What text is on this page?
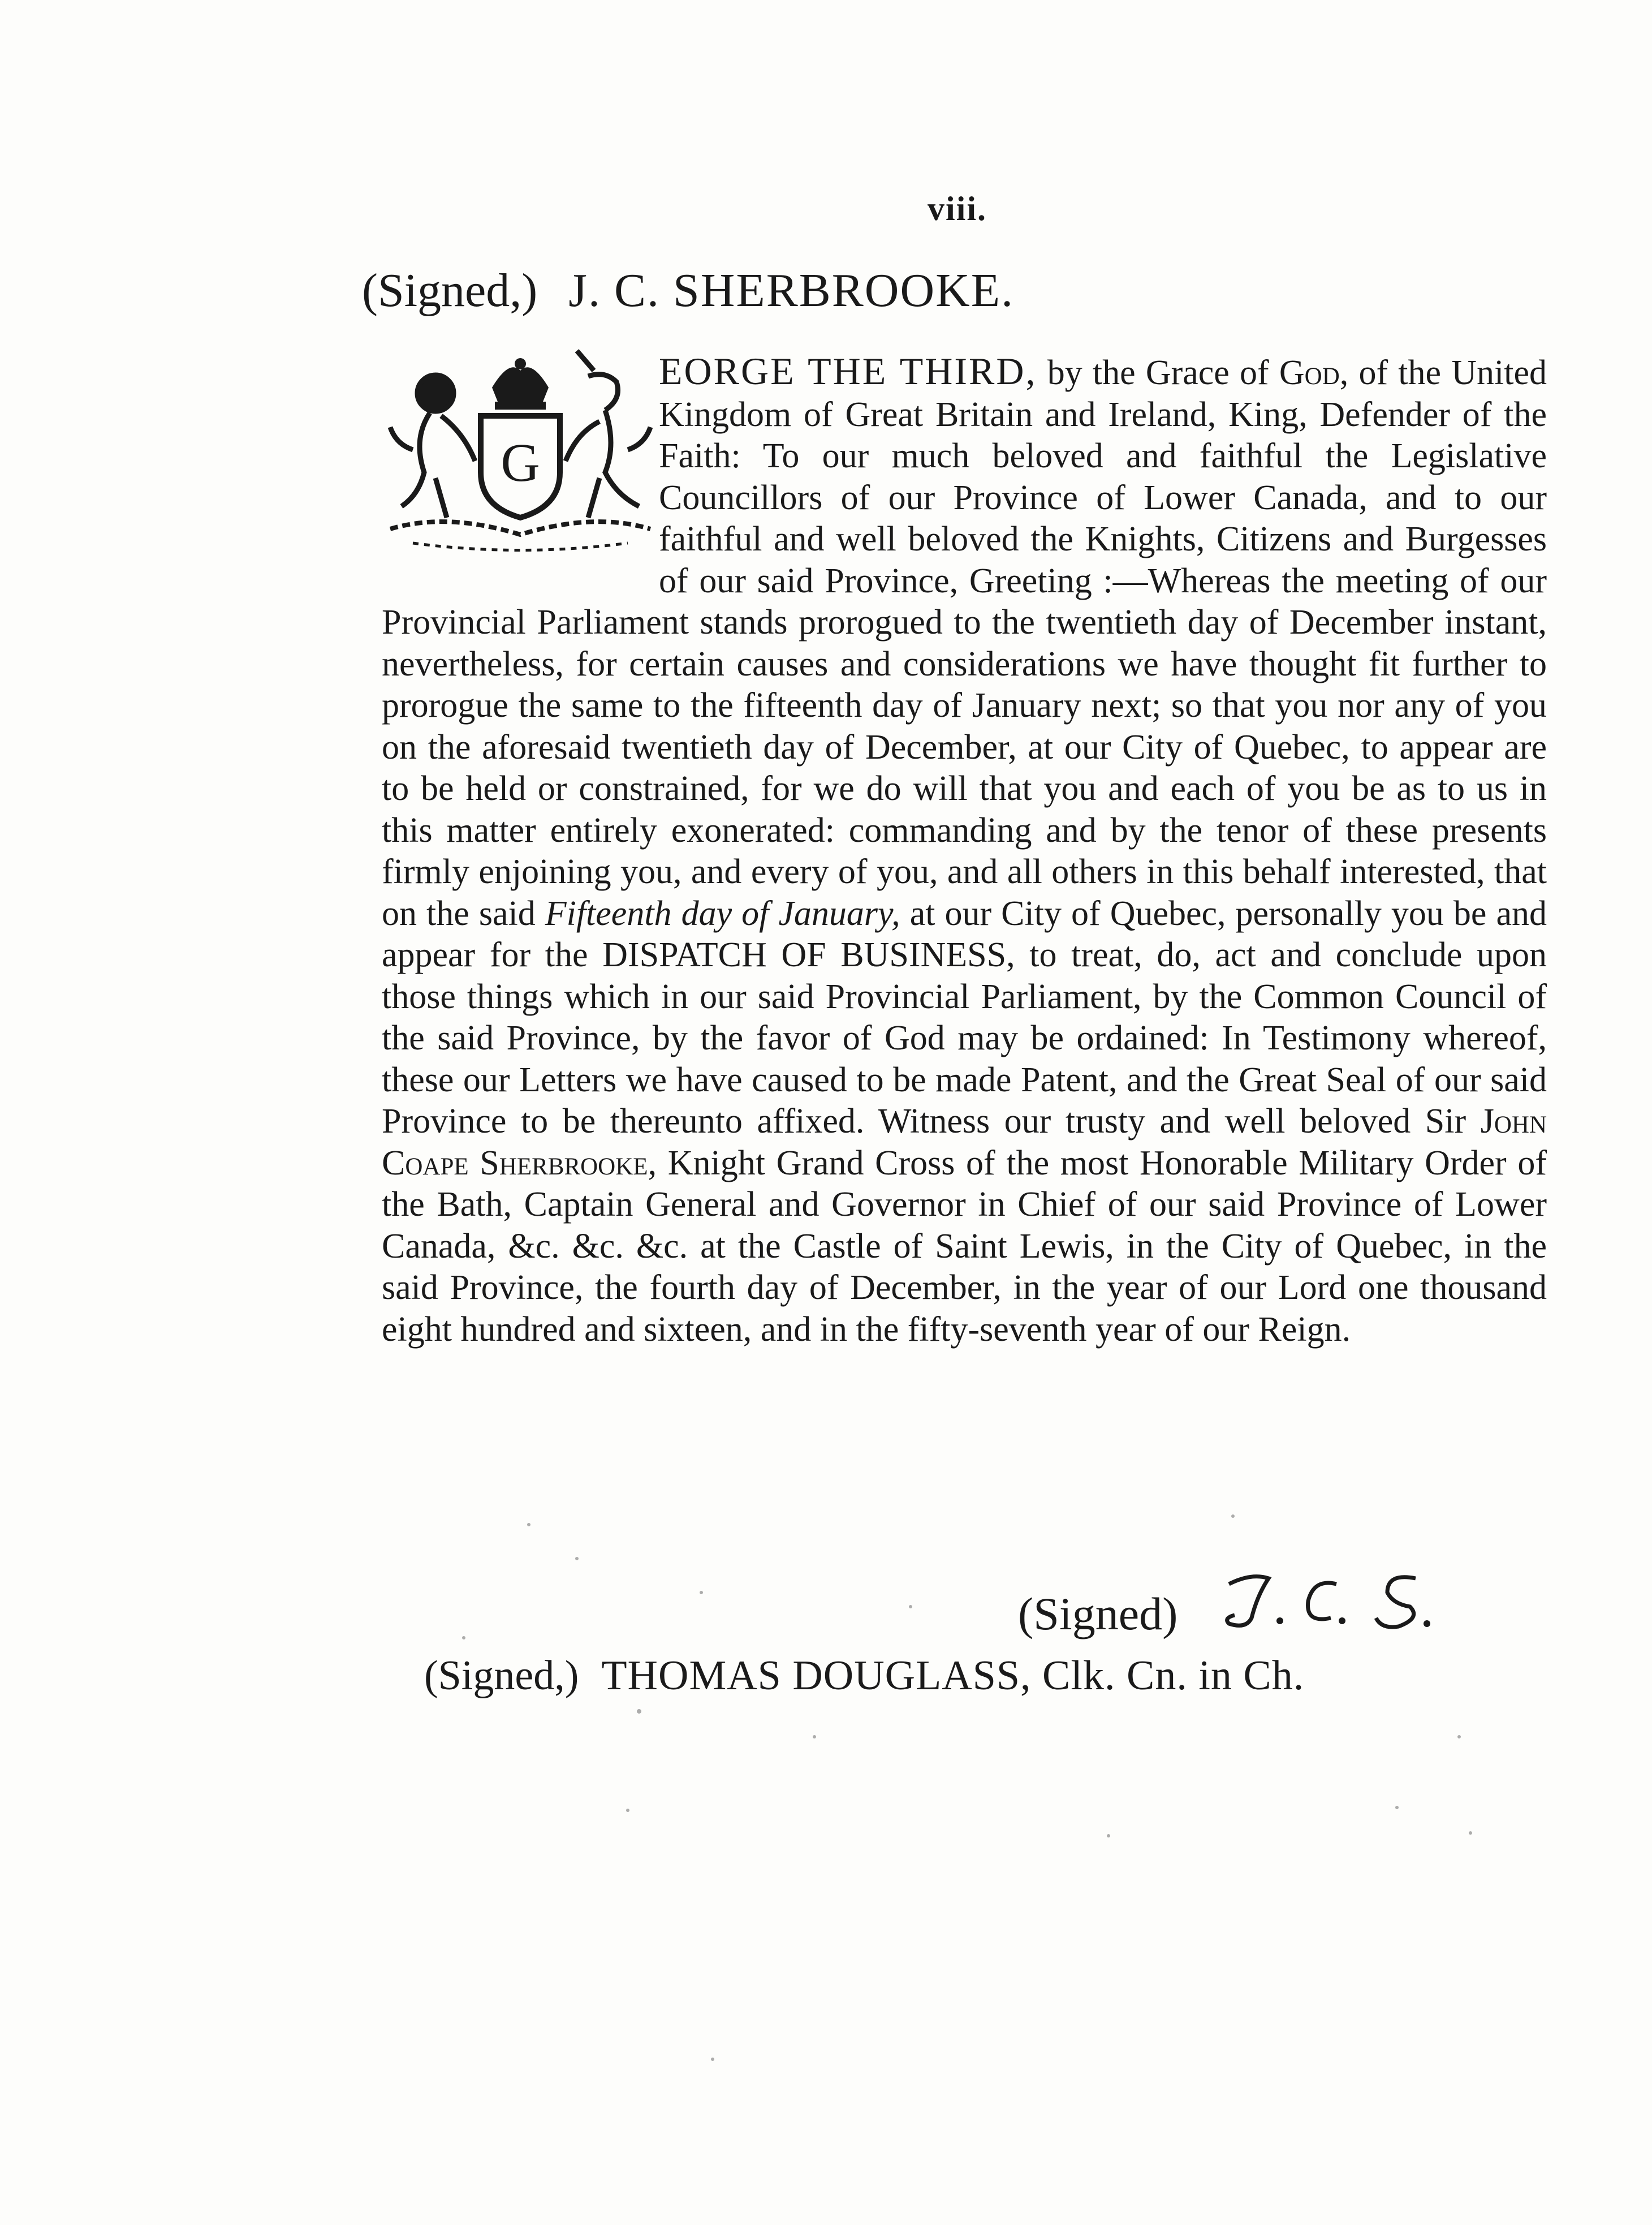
viii.
(Signed,) J. C. SHERBROOKE.
G
EORGE THE THIRD, by the Grace of God, of the United Kingdom of Great Britain and Ireland, King, Defender of the Faith: To our much beloved and faithful the Legislative Councillors of our Province of Lower Canada, and to our faithful and well beloved the Knights, Citizens and Burgesses of our said Province, Greeting :—Whereas the meeting of our Provincial Parliament stands prorogued to the twentieth day of December instant, nevertheless, for certain causes and considerations we have thought fit further to prorogue the same to the fifteenth day of January next; so that you nor any of you on the aforesaid twentieth day of December, at our City of Quebec, to appear are to be held or constrained, for we do will that you and each of you be as to us in this matter entirely exonerated: commanding and by the tenor of these presents firmly enjoining you, and every of you, and all others in this behalf interested, that on the said Fifteenth day of January, at our City of Quebec, personally you be and appear for the DISPATCH OF BUSINESS, to treat, do, act and conclude upon those things which in our said Provincial Parliament, by the Common Council of the said Province, by the favor of God may be ordained: In Testimony whereof, these our Letters we have caused to be made Patent, and the Great Seal of our said Province to be thereunto affixed. Witness our trusty and well beloved Sir John Coape Sherbrooke, Knight Grand Cross of the most Honorable Military Order of the Bath, Captain General and Governor in Chief of our said Province of Lower Canada, &c. &c. &c. at the Castle of Saint Lewis, in the City of Quebec, in the said Province, the fourth day of December, in the year of our Lord one thousand eight hundred and sixteen, and in the fifty-seventh year of our Reign.
(Signed)
(Signed,) THOMAS DOUGLASS, Clk. Cn. in Ch.
